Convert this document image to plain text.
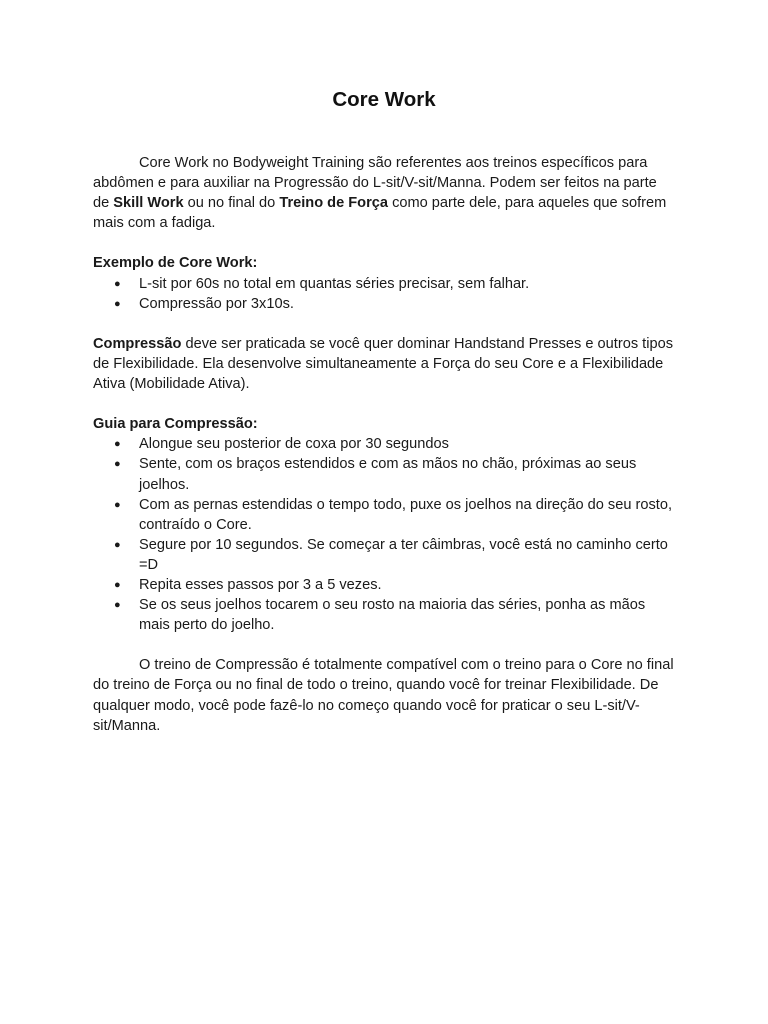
Core Work

Core Work no Bodyweight Training são referentes aos treinos específicos para abdômen e para auxiliar na Progressão do L-sit/V-sit/Manna. Podem ser feitos na parte de Skill Work ou no final do Treino de Força como parte dele, para aqueles que sofrem mais com a fadiga.

Exemplo de Core Work:

● L-sit por 60s no total em quantas séries precisar, sem falhar.
● Compressão por 3x10s.

Compressão deve ser praticada se você quer dominar Handstand Presses e outros tipos de Flexibilidade. Ela desenvolve simultaneamente a Força do seu Core e a Flexibilidade Ativa (Mobilidade Ativa).

Guia para Compressão:

● Alongue seu posterior de coxa por 30 segundos
● Sente, com os braços estendidos e com as mãos no chão, próximas ao seus joelhos.
● Com as pernas estendidas o tempo todo, puxe os joelhos na direção do seu rosto, contraído o Core.
● Segure por 10 segundos. Se começar a ter câimbras, você está no caminho certo =D
● Repita esses passos por 3 a 5 vezes.
● Se os seus joelhos tocarem o seu rosto na maioria das séries, ponha as mãos mais perto do joelho.

O treino de Compressão é totalmente compatível com o treino para o Core no final do treino de Força ou no final de todo o treino, quando você for treinar Flexibilidade. De qualquer modo, você pode fazê-lo no começo quando você for praticar o seu L-sit/V-sit/Manna.
